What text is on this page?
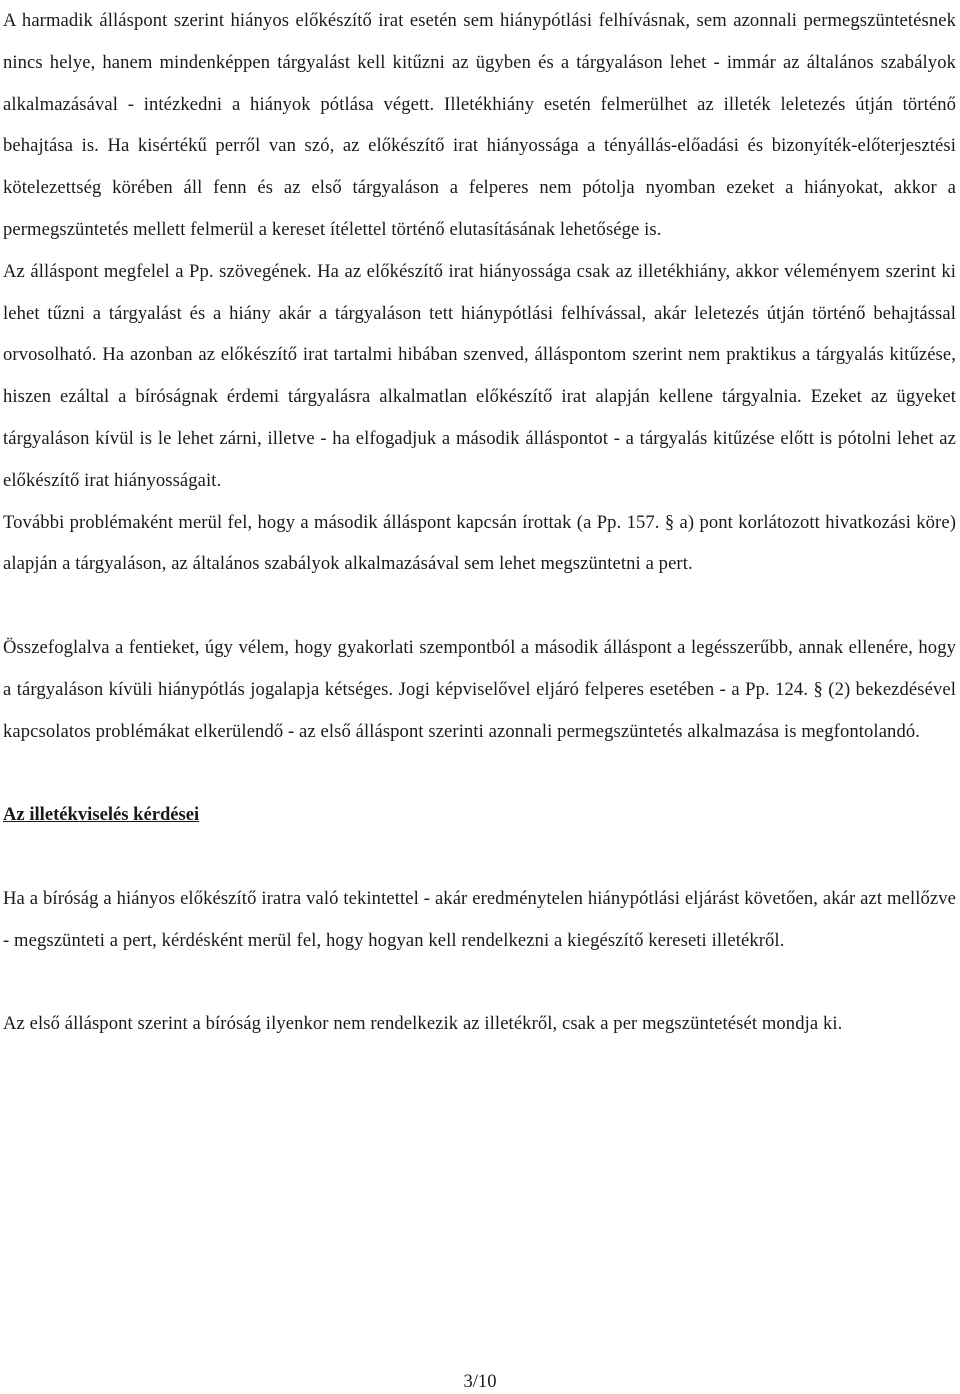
A harmadik álláspont szerint hiányos előkészítő irat esetén sem hiánypótlási felhívásnak, sem azonnali permegszüntetésnek nincs helye, hanem mindenképpen tárgyalást kell kitűzni az ügyben és a tárgyaláson lehet - immár az általános szabályok alkalmazásával - intézkedni a hiányok pótlása végett. Illetékhiány esetén felmerülhet az illeték leletezés útján történő behajtása is. Ha kisértékű perről van szó, az előkészítő irat hiányossága a tényállás-előadási és bizonyíték-előterjesztési kötelezettség körében áll fenn és az első tárgyaláson a felperes nem pótolja nyomban ezeket a hiányokat, akkor a permegszüntetés mellett felmerül a kereset ítélettel történő elutasításának lehetősége is.

Az álláspont megfelel a Pp. szövegének. Ha az előkészítő irat hiányossága csak az illetékhiány, akkor véleményem szerint ki lehet tűzni a tárgyalást és a hiány akár a tárgyaláson tett hiánypótlási felhívással, akár leletezés útján történő behajtással orvosolható. Ha azonban az előkészítő irat tartalmi hibában szenved, álláspontom szerint nem praktikus a tárgyalás kitűzése, hiszen ezáltal a bíróságnak érdemi tárgyalásra alkalmatlan előkészítő irat alapján kellene tárgyalnia. Ezeket az ügyeket tárgyaláson kívül is le lehet zárni, illetve - ha elfogadjuk a második álláspontot - a tárgyalás kitűzése előtt is pótolni lehet az előkészítő irat hiányosságait.

További problémaként merül fel, hogy a második álláspont kapcsán írottak (a Pp. 157. § a) pont korlátozott hivatkozási köre) alapján a tárgyaláson, az általános szabályok alkalmazásával sem lehet megszüntetni a pert.

Összefoglalva a fentieket, úgy vélem, hogy gyakorlati szempontból a második álláspont a legésszerűbb, annak ellenére, hogy a tárgyaláson kívüli hiánypótlás jogalapja kétséges. Jogi képviselővel eljáró felperes esetében - a Pp. 124. § (2) bekezdésével kapcsolatos problémákat elkerülendő - az első álláspont szerinti azonnali permegszüntetés alkalmazása is megfontolandó.

Az illetékviselés kérdései

Ha a bíróság a hiányos előkészítő iratra való tekintettel - akár eredménytelen hiánypótlási eljárást követően, akár azt mellőzve - megszünteti a pert, kérdésként merül fel, hogy hogyan kell rendelkezni a kiegészítő kereseti illetékről.

Az első álláspont szerint a bíróság ilyenkor nem rendelkezik az illetékről, csak a per megszüntetését mondja ki.

3/10
